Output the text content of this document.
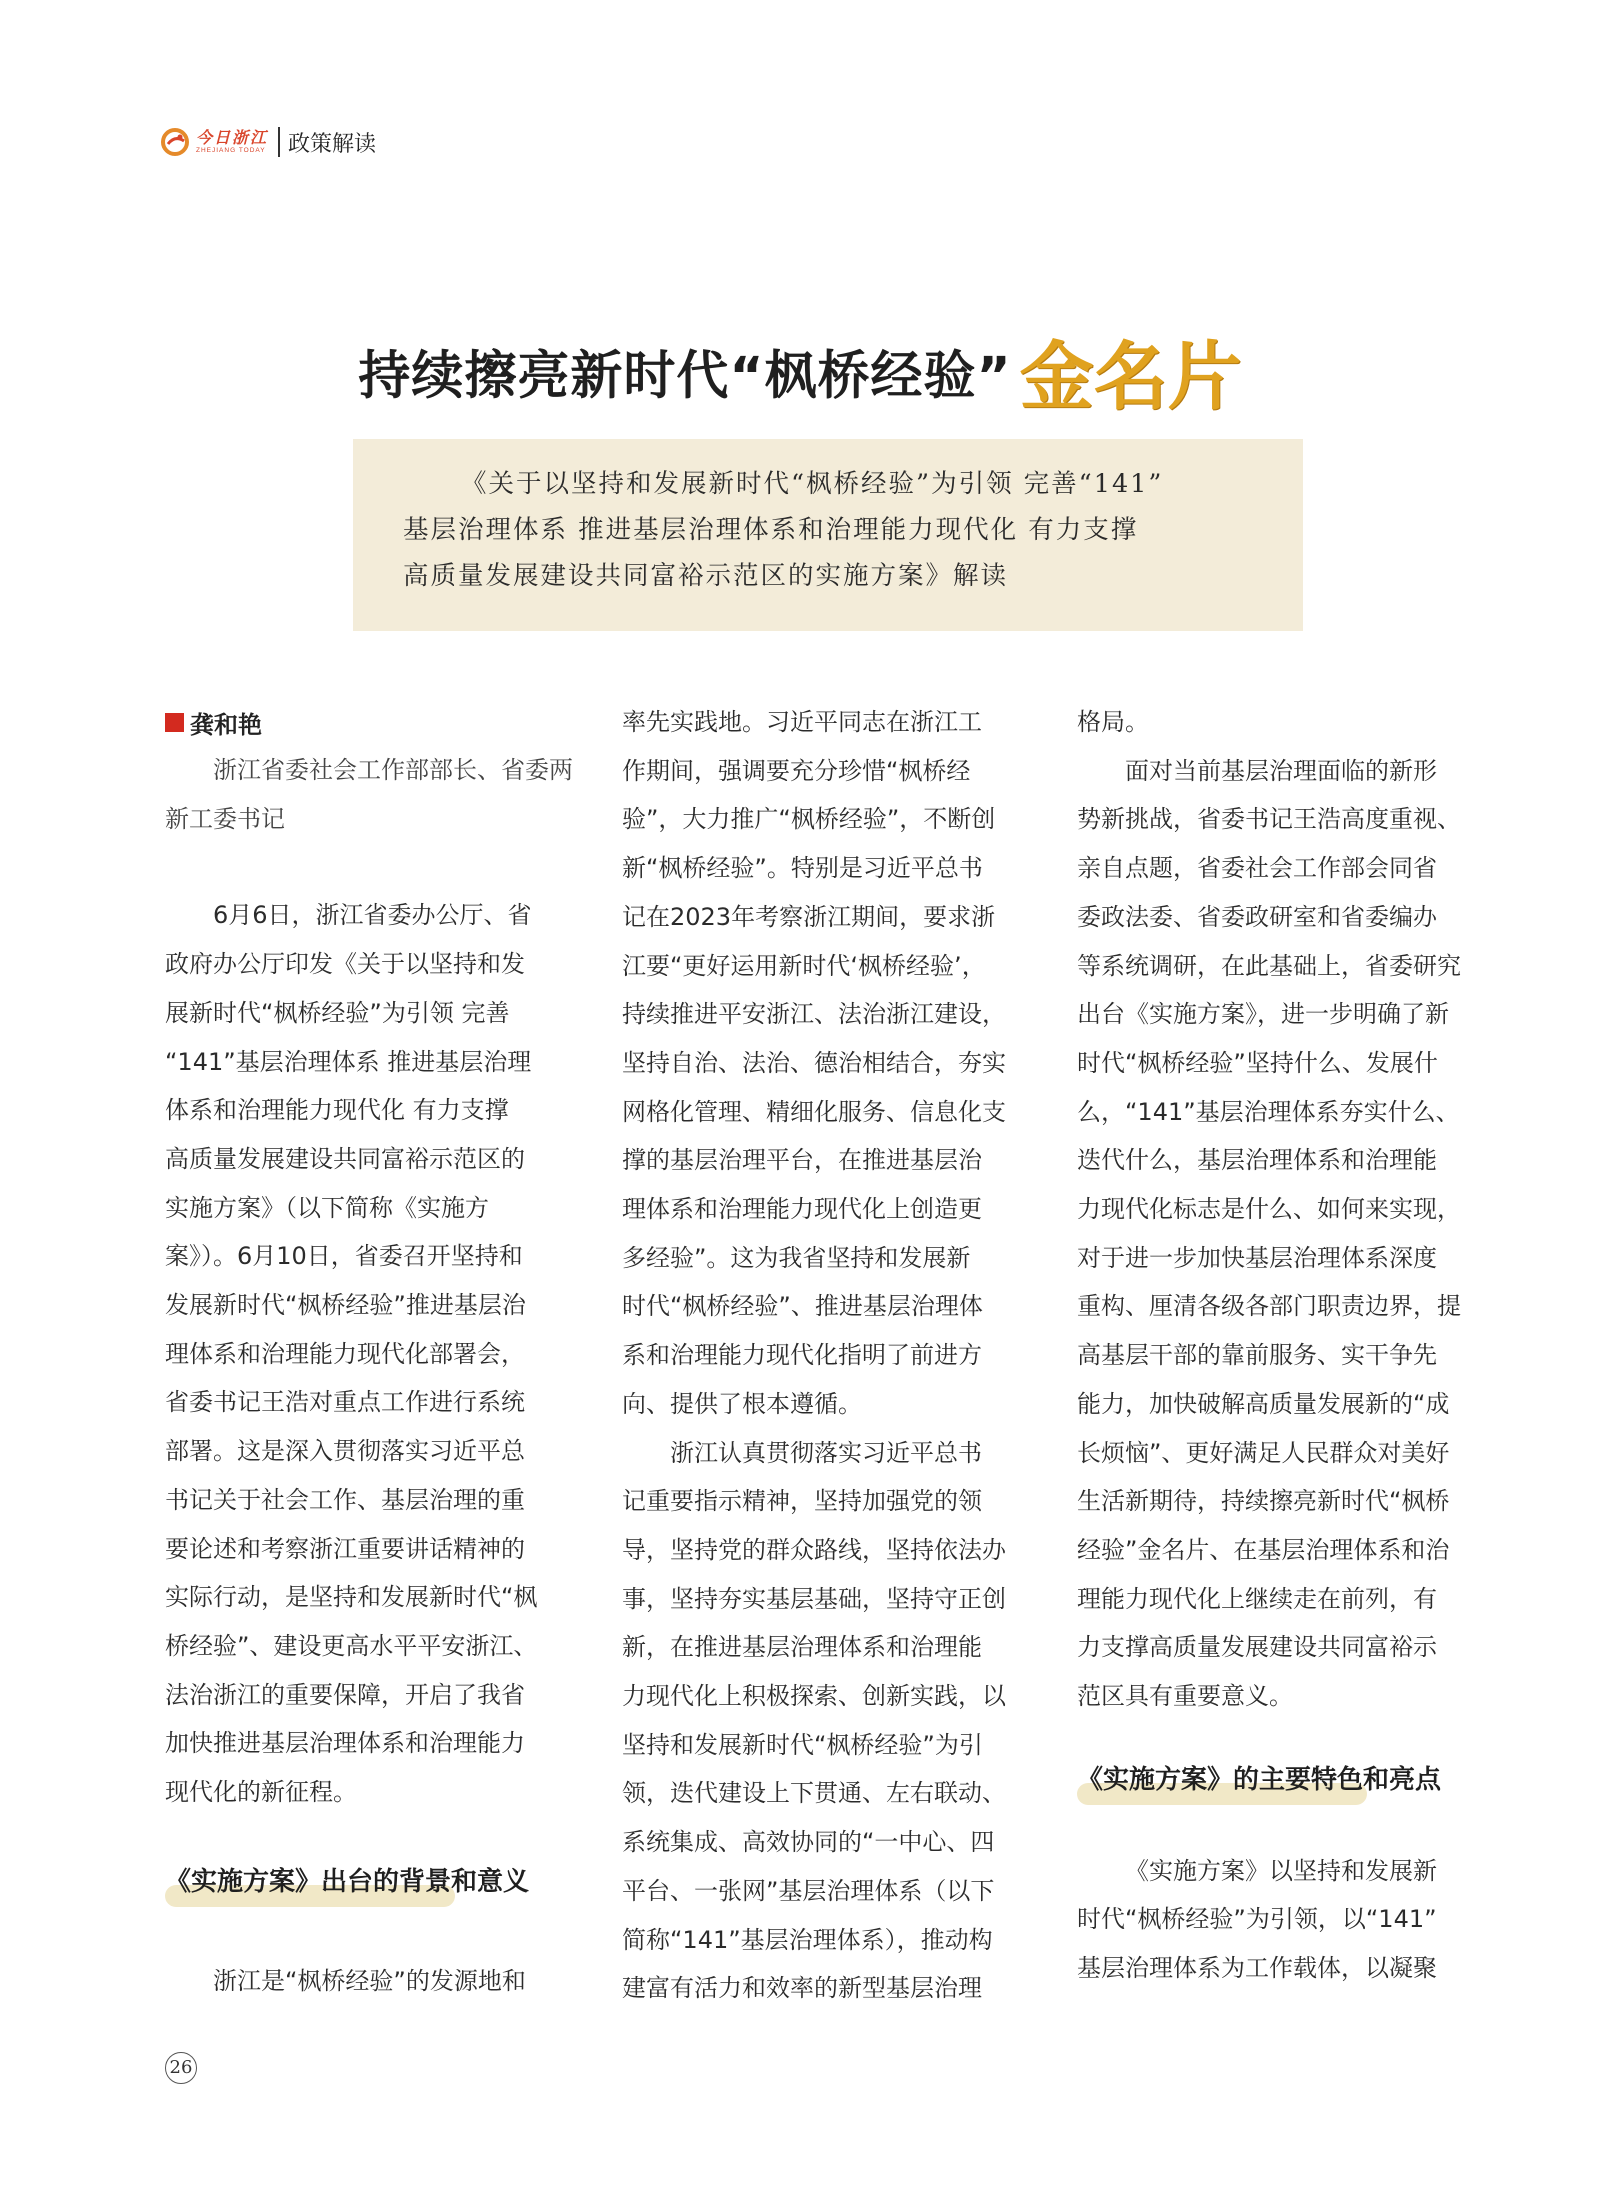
今日浙江
ZHEJIANG TODAY 政策解读
持续擦亮新时代“枫桥经验” 金名片
《关于以坚持和发展新时代“枫桥经验”为引领 完善“141”
基层治理体系 推进基层治理体系和治理能力现代化 有力支撑
高质量发展建设共同富裕示范区的实施方案》解读
龚和艳

浙江省委社会工作部部长、省委两新工委书记

6月6日，浙江省委办公厅、省

政府办公厅印发《关于以坚持和发

展新时代“枫桥经验”为引领 完善

“141”基层治理体系 推进基层治理

体系和治理能力现代化 有力支撑

高质量发展建设共同富裕示范区的

实施方案》（以下简称《实施方

案》）。6月10日，省委召开坚持和

发展新时代“枫桥经验”推进基层治

理体系和治理能力现代化部署会，

省委书记王浩对重点工作进行系统

部署。这是深入贯彻落实习近平总

书记关于社会工作、基层治理的重

要论述和考察浙江重要讲话精神的

实际行动，是坚持和发展新时代“枫

桥经验”、建设更高水平平安浙江、

法治浙江的重要保障，开启了我省

加快推进基层治理体系和治理能力

现代化的新征程。

《实施方案》出台的背景和意义

浙江是“枫桥经验”的发源地和

率先实践地。习近平同志在浙江工

作期间，强调要充分珍惜“枫桥经

验”，大力推广“枫桥经验”，不断创

新“枫桥经验”。特别是习近平总书

记在2023年考察浙江期间，要求浙

江要“更好运用新时代‘枫桥经验’，

持续推进平安浙江、法治浙江建设，

坚持自治、法治、德治相结合，夯实

网格化管理、精细化服务、信息化支

撑的基层治理平台，在推进基层治

理体系和治理能力现代化上创造更

多经验”。这为我省坚持和发展新

时代“枫桥经验”、推进基层治理体

系和治理能力现代化指明了前进方

向、提供了根本遵循。

浙江认真贯彻落实习近平总书

记重要指示精神，坚持加强党的领

导，坚持党的群众路线，坚持依法办

事，坚持夯实基层基础，坚持守正创

新，在推进基层治理体系和治理能

力现代化上积极探索、创新实践，以

坚持和发展新时代“枫桥经验”为引

领，迭代建设上下贯通、左右联动、

系统集成、高效协同的“一中心、四

平台、一张网”基层治理体系（以下

简称“141”基层治理体系），推动构

建富有活力和效率的新型基层治理

格局。

面对当前基层治理面临的新形

势新挑战，省委书记王浩高度重视、

亲自点题，省委社会工作部会同省

委政法委、省委政研室和省委编办

等系统调研，在此基础上，省委研究

出台《实施方案》，进一步明确了新

时代“枫桥经验”坚持什么、发展什

么，“141”基层治理体系夯实什么、

迭代什么，基层治理体系和治理能

力现代化标志是什么、如何来实现，

对于进一步加快基层治理体系深度

重构、厘清各级各部门职责边界，提

高基层干部的靠前服务、实干争先

能力，加快破解高质量发展新的“成

长烦恼”、更好满足人民群众对美好

生活新期待，持续擦亮新时代“枫桥

经验”金名片、在基层治理体系和治

理能力现代化上继续走在前列，有

力支撑高质量发展建设共同富裕示

范区具有重要意义。

《实施方案》的主要特色和亮点

《实施方案》以坚持和发展新

时代“枫桥经验”为引领，以“141”

基层治理体系为工作载体，以凝聚

26
